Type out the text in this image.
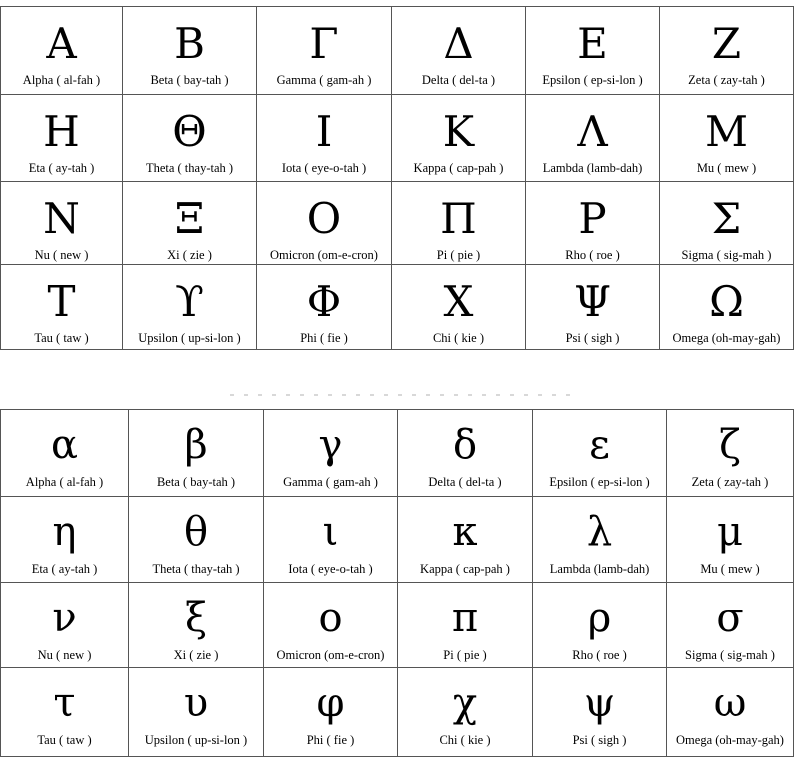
Α
Alpha ( al-fah )
Β
Beta ( bay-tah )
Γ
Gamma ( gam-ah )
Δ
Delta ( del-ta )
Ε
Epsilon ( ep-si-lon )
Ζ
Zeta ( zay-tah )
Η
Eta ( ay-tah )
Θ
Theta ( thay-tah )
Ι
Iota ( eye-o-tah )
Κ
Kappa ( cap-pah )
Λ
Lambda (lamb-dah)
Μ
Mu ( mew )
Ν
Nu ( new )
Ξ
Xi ( zie )
Ο
Omicron (om-e-cron)
Π
Pi ( pie )
Ρ
Rho ( roe )
Σ
Sigma ( sig-mah )
Τ
Tau ( taw )
ϒ
Upsilon ( up-si-lon )
Φ
Phi ( fie )
Χ
Chi ( kie )
Ψ
Psi ( sigh )
Ω
Omega (oh-may-gah)
α
Alpha ( al-fah )
β
Beta ( bay-tah )
γ
Gamma ( gam-ah )
δ
Delta ( del-ta )
ε
Epsilon ( ep-si-lon )
ζ
Zeta ( zay-tah )
η
Eta ( ay-tah )
θ
Theta ( thay-tah )
ι
Iota ( eye-o-tah )
κ
Kappa ( cap-pah )
λ
Lambda (lamb-dah)
μ
Mu ( mew )
ν
Nu ( new )
ξ
Xi ( zie )
ο
Omicron (om-e-cron)
π
Pi ( pie )
ρ
Rho ( roe )
σ
Sigma ( sig-mah )
τ
Tau ( taw )
υ
Upsilon ( up-si-lon )
φ
Phi ( fie )
χ
Chi ( kie )
ψ
Psi ( sigh )
ω
Omega (oh-may-gah)
